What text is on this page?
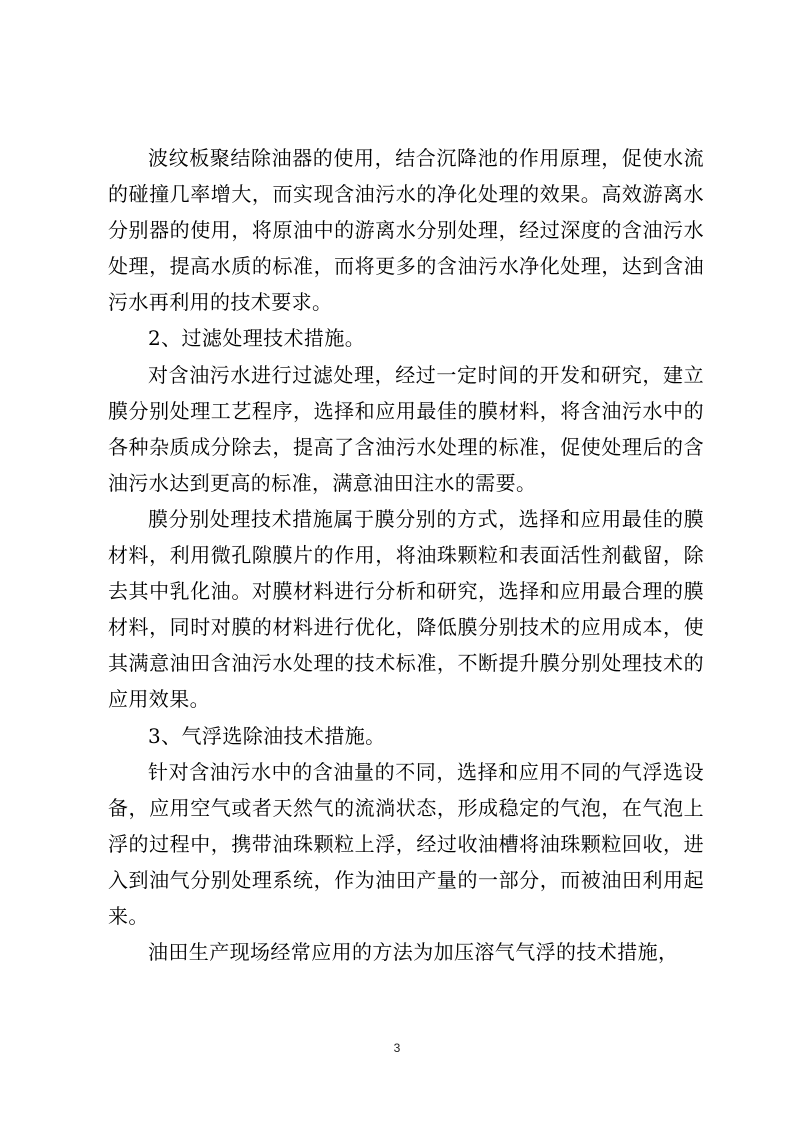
波纹板聚结除油器的使用，结合沉降池的作用原理，促使水流的碰撞几率增大，而实现含油污水的净化处理的效果。高效游离水分别器的使用，将原油中的游离水分别处理，经过深度的含油污水处理，提高水质的标准，而将更多的含油污水净化处理，达到含油污水再利用的技术要求。

2、过滤处理技术措施。

对含油污水进行过滤处理，经过一定时间的开发和研究，建立膜分别处理工艺程序，选择和应用最佳的膜材料，将含油污水中的各种杂质成分除去，提高了含油污水处理的标准，促使处理后的含油污水达到更高的标准，满意油田注水的需要。

膜分别处理技术措施属于膜分别的方式，选择和应用最佳的膜材料，利用微孔隙膜片的作用，将油珠颗粒和表面活性剂截留，除去其中乳化油。对膜材料进行分析和研究，选择和应用最合理的膜材料，同时对膜的材料进行优化，降低膜分别技术的应用成本，使其满意油田含油污水处理的技术标准，不断提升膜分别处理技术的应用效果。

3、气浮选除油技术措施。

针对含油污水中的含油量的不同，选择和应用不同的气浮选设备，应用空气或者天然气的流淌状态，形成稳定的气泡，在气泡上浮的过程中，携带油珠颗粒上浮，经过收油槽将油珠颗粒回收，进入到油气分别处理系统，作为油田产量的一部分，而被油田利用起来。

油田生产现场经常应用的方法为加压溶气气浮的技术措施，

3
